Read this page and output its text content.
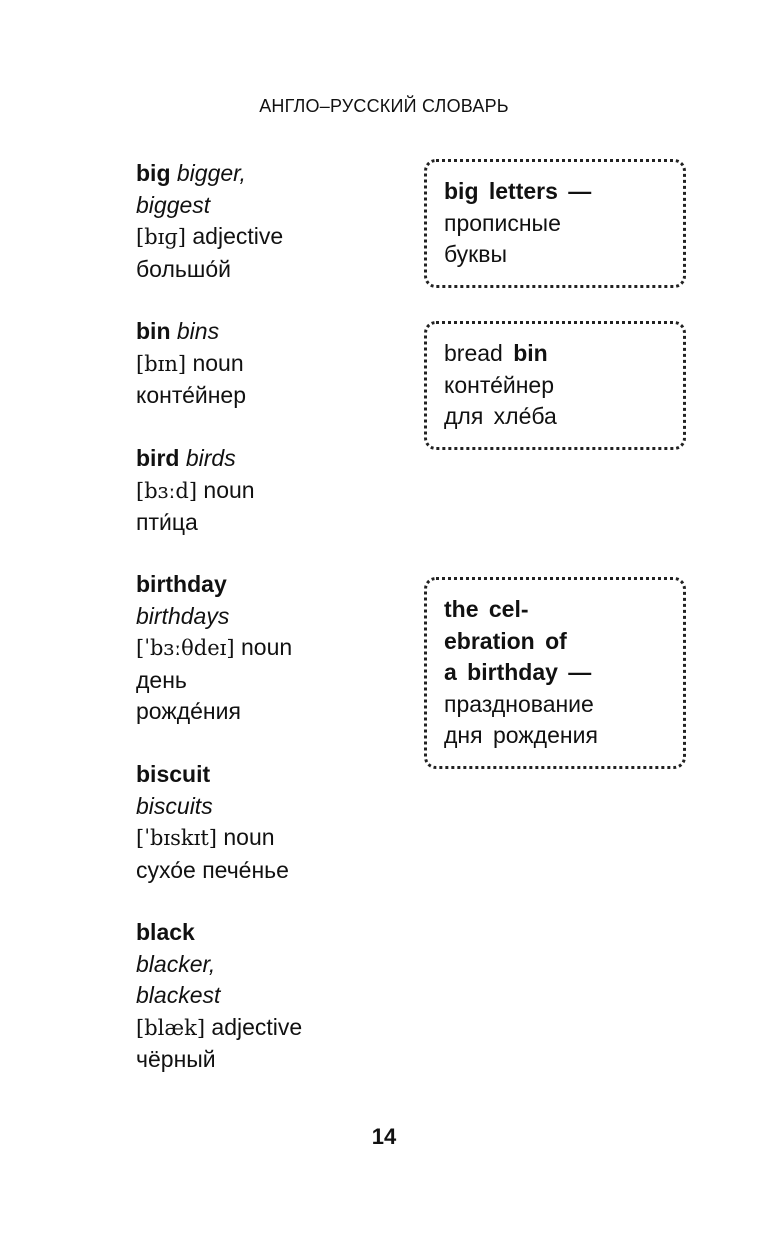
АНГЛО–РУССКИЙ СЛОВАРЬ
big bigger,
biggest
[bɪɡ] adjective
большо́й
bin bins
[bɪn] noun
конте́йнер
bird birds
[bɜːd] noun
пти́ца
birthday
birthdays
[ˈbɜːθdeɪ] noun
день
рожде́ния
biscuit
biscuits
[ˈbɪskɪt] noun
сухо́е пече́нье
black
blacker,
blackest
[blæk] adjective
чёрный
big letters —
прописные
буквы
bread bin
конте́йнер
для хле́ба
the cel-
ebration of
a birthday —
празднование
дня рождения
14
